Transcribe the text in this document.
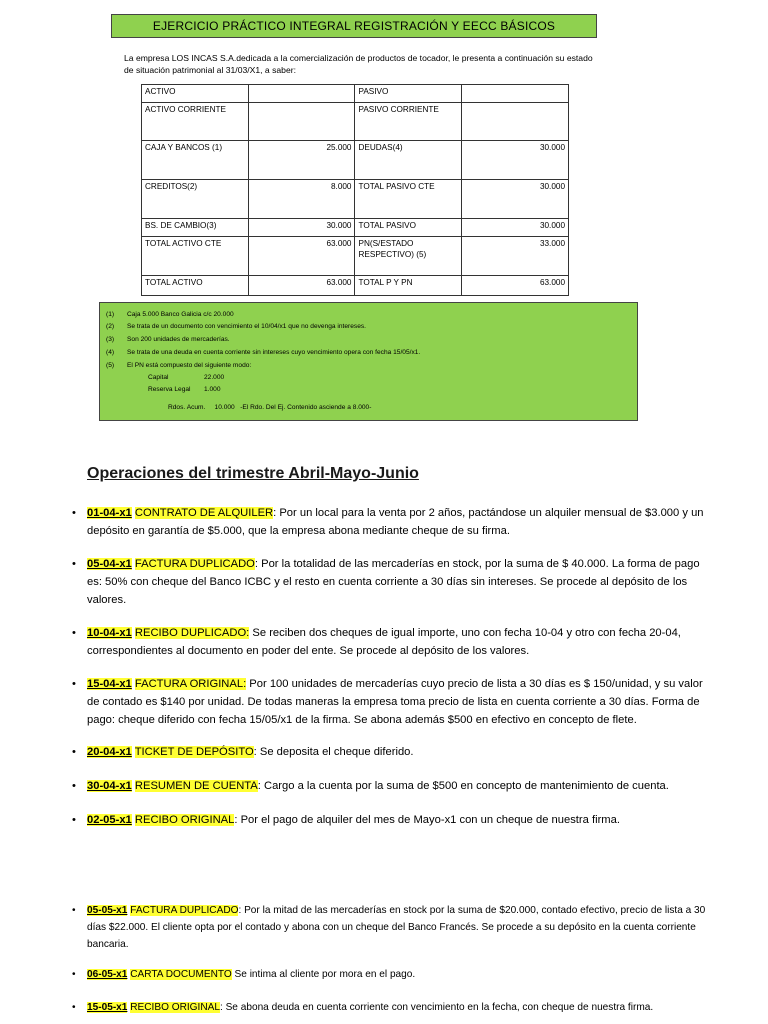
EJERCICIO PRÁCTICO INTEGRAL REGISTRACIÓN Y EECC BÁSICOS
La empresa LOS INCAS S.A.dedicada a la comercialización de productos de tocador, le presenta a continuación su estado de situación patrimonial al 31/03/X1, a saber:
ACTIVO		PASIVO	
ACTIVO CORRIENTE		PASIVO CORRIENTE	
CAJA Y BANCOS (1)	25.000	DEUDAS(4)	30.000
CREDITOS(2)	8.000	TOTAL PASIVO CTE	30.000
BS. DE CAMBIO(3)	30.000	TOTAL PASIVO	30.000
TOTAL ACTIVO CTE	63.000	PN(S/ESTADO RESPECTIVO) (5)	33.000
TOTAL ACTIVO	63.000	TOTAL P Y PN	63.000
(1) Caja 5.000 Banco Galicia c/c 20.000
(2) Se trata de un documento con vencimiento el 10/04/x1 que no devenga intereses.
(3) Son 200 unidades de mercaderías.
(4) Se trata de una deuda en cuenta corriente sin intereses cuyo vencimiento opera con fecha 15/05/x1.
(5) El PN está compuesto del siguiente modo:
Capital	22.000
Reserva Legal 1.000
Rdos. Acum.     10.000   -El Rdo. Del Ej. Contenido asciende a 8.000-
Operaciones del trimestre Abril-Mayo-Junio
• 01-04-x1 CONTRATO DE ALQUILER: Por un local para la venta por 2 años, pactándose un alquiler mensual de $3.000 y un depósito en garantía de $5.000, que la empresa abona mediante cheque de su firma.
• 05-04-x1 FACTURA DUPLICADO: Por la totalidad de las mercaderías en stock, por la suma de $ 40.000. La forma de pago es: 50% con cheque del Banco ICBC y el resto en cuenta corriente a 30 días sin intereses. Se procede al depósito de los valores.
• 10-04-x1 RECIBO DUPLICADO: Se reciben dos cheques de igual importe, uno con fecha 10-04 y otro con fecha 20-04, correspondientes al documento en poder del ente. Se procede al depósito de los valores.
• 15-04-x1 FACTURA ORIGINAL: Por 100 unidades de mercaderías cuyo precio de lista a 30 días es $ 150/unidad, y su valor de contado es $140 por unidad. De todas maneras la empresa toma precio de lista en cuenta corriente a 30 días. Forma de pago: cheque diferido con fecha 15/05/x1 de la firma. Se abona además $500 en efectivo en concepto de flete.
• 20-04-x1 TICKET DE DEPÓSITO: Se deposita el cheque diferido.
• 30-04-x1 RESUMEN DE CUENTA: Cargo a la cuenta por la suma de $500 en concepto de mantenimiento de cuenta.
• 02-05-x1 RECIBO ORIGINAL: Por el pago de alquiler del mes de Mayo-x1 con un cheque de nuestra firma.
• 05-05-x1 FACTURA DUPLICADO: Por la mitad de las mercaderías en stock por la suma de $20.000, contado efectivo, precio de lista a 30 días $22.000. El cliente opta por el contado y abona con un cheque del Banco Francés. Se procede a su depósito en la cuenta corriente bancaria.
• 06-05-x1 CARTA DOCUMENTO Se intima al cliente por mora en el pago.
• 15-05-x1 RECIBO ORIGINAL: Se abona deuda en cuenta corriente con vencimiento en la fecha, con cheque de nuestra firma.
